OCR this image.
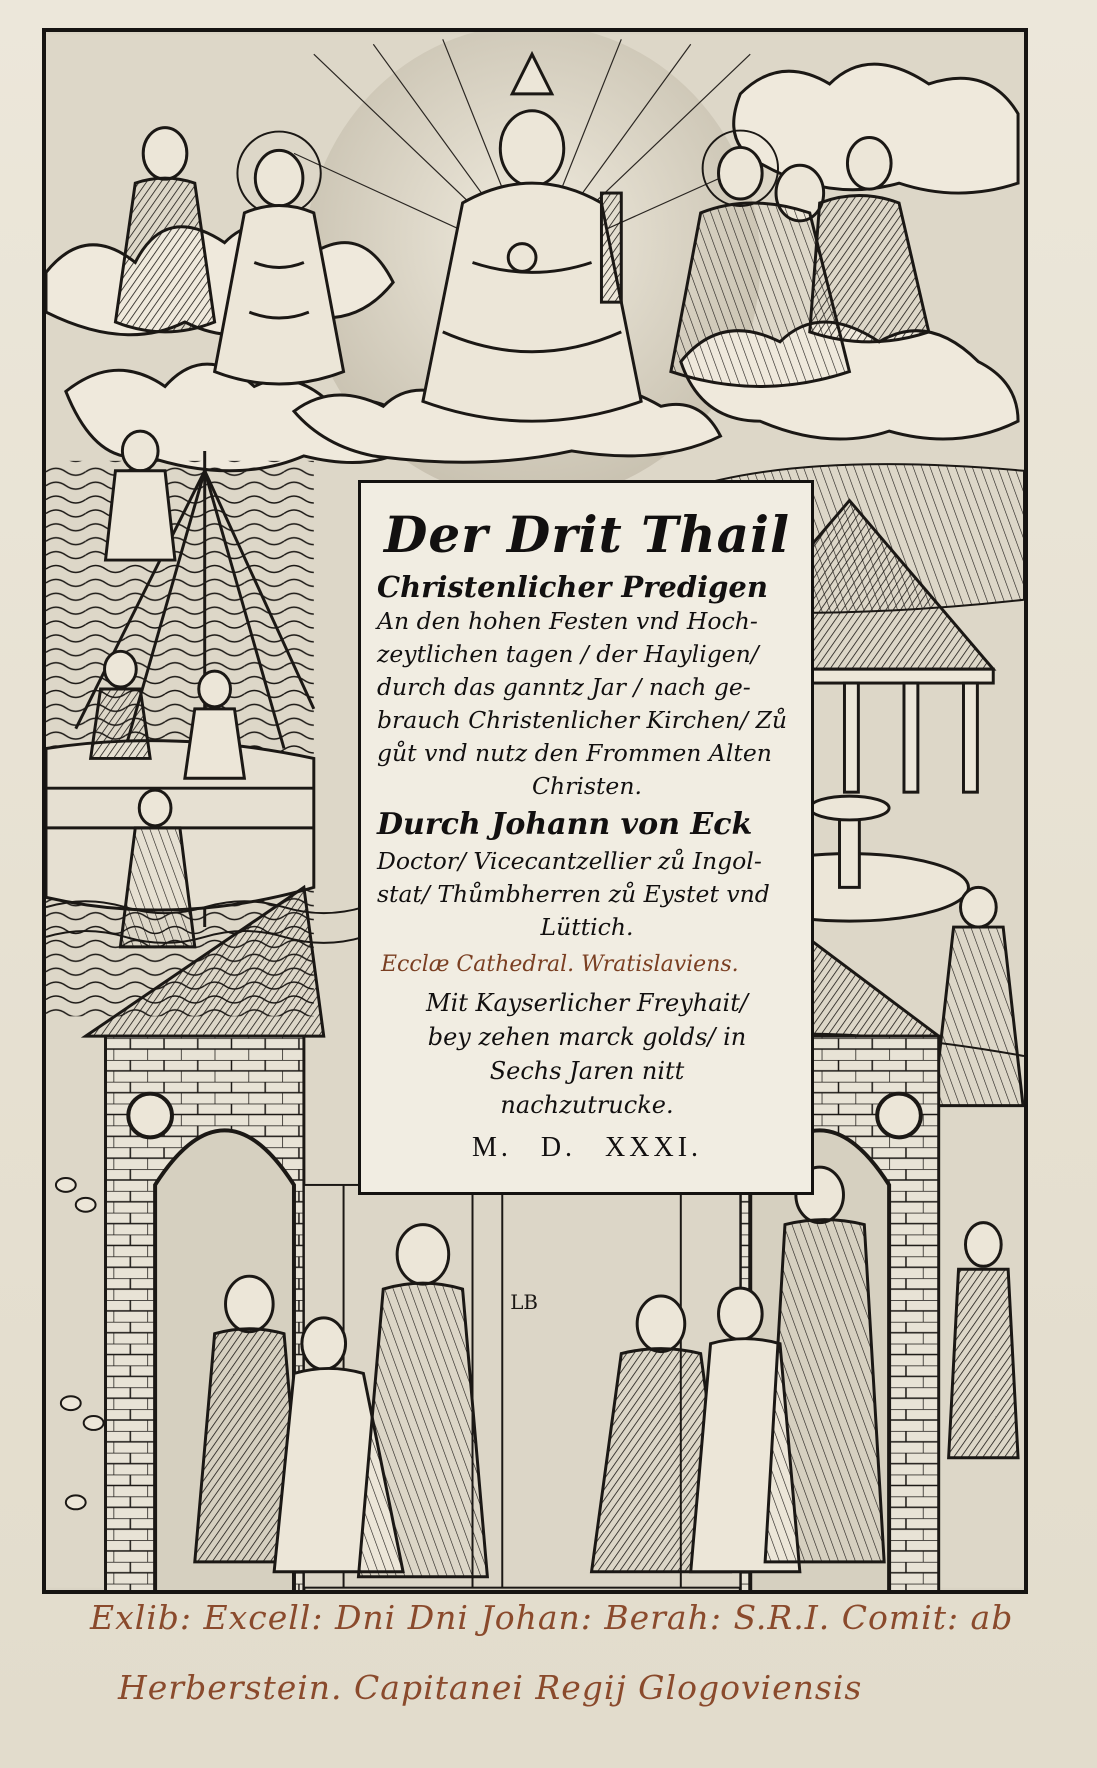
LB

Der Drit Thail

Christenlicher Predigen

An den hohen Festen vnd Hoch-

zeytlichen tagen / der Hayligen/

durch das ganntz Jar / nach ge-

brauch Christenlicher Kirchen/ Zů

gůt vnd nutz den Frommen Alten

Christen.

Durch Johann von Eck

Doctor/ Vicecantzellier zů Ingol-

stat/ Thůmbherren zů Eystet vnd

Lüttich.

Ecclæ Cathedral. Wratislaviens.

Mit Kayserlicher Freyhait/

bey zehen marck golds/ in

Sechs Jaren nitt

nachzutrucke.

M. D. XXXI.

Exlib: Excell: Dni Dni Johan: Berah: S.R.I. Comit: ab
Herberstein. Capitanei Regij Glogoviensis
